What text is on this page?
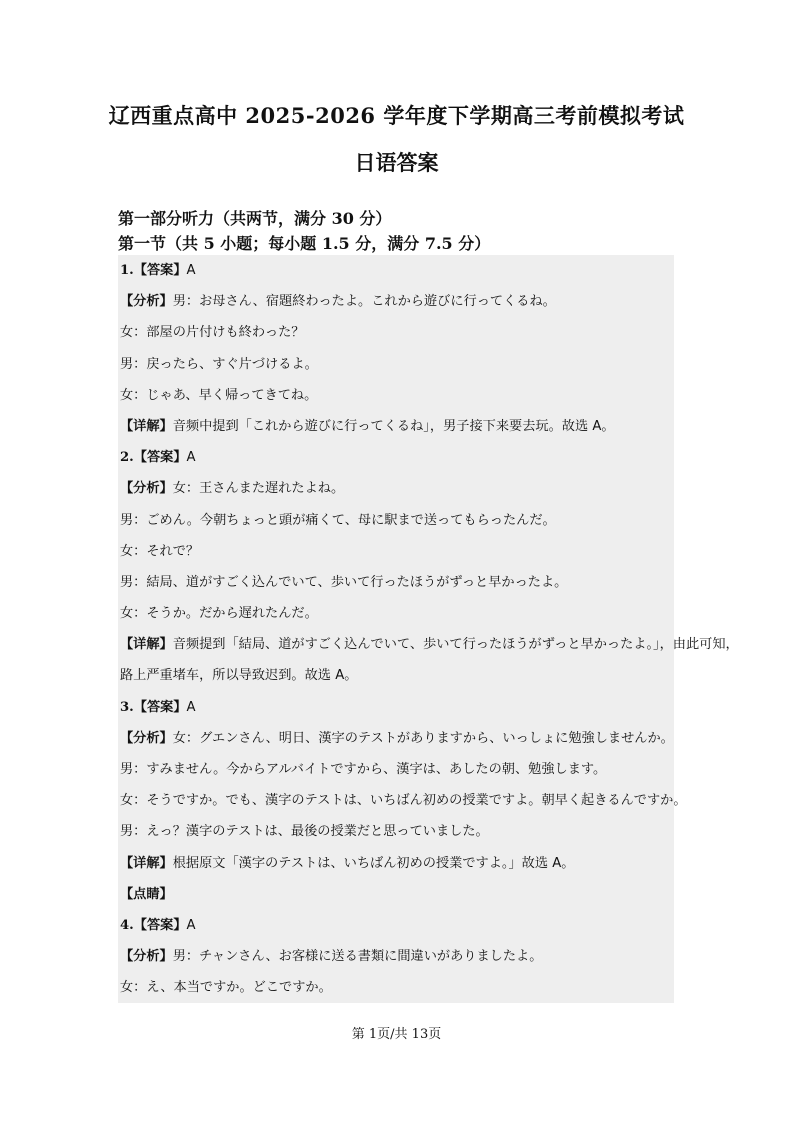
辽西重点高中 2025-2026 学年度下学期高三考前模拟考试
日语答案
第一部分听力（共两节，满分 30 分）
第一节（共 5 小题；每小题 1.5 分，满分 7.5 分）
1.【答案】A
【分析】男：お母さん、宿題終わったよ。これから遊びに行ってくるね。
女：部屋の片付けも終わった？
男：戻ったら、すぐ片づけるよ。
女：じゃあ、早く帰ってきてね。
【详解】音频中提到「これから遊びに行ってくるね」，男子接下来要去玩。故选 A。
2.【答案】A
【分析】女：王さんまた遅れたよね。
男：ごめん。今朝ちょっと頭が痛くて、母に駅まで送ってもらったんだ。
女：それで？
男：結局、道がすごく込んでいて、歩いて行ったほうがずっと早かったよ。
女：そうか。だから遅れたんだ。
【详解】音频提到「結局、道がすごく込んでいて、歩いて行ったほうがずっと早かったよ。」，由此可知，
路上严重堵车，所以导致迟到。故选 A。
3.【答案】A
【分析】女：グエンさん、明日、漢字のテストがありますから、いっしょに勉強しませんか。
男：すみません。今からアルバイトですから、漢字は、あしたの朝、勉強します。
女：そうですか。でも、漢字のテストは、いちばん初めの授業ですよ。朝早く起きるんですか。
男：えっ？漢字のテストは、最後の授業だと思っていました。
【详解】根据原文「漢字のテストは、いちばん初めの授業ですよ。」故选 A。
【点睛】
4.【答案】A
【分析】男：チャンさん、お客様に送る書類に間違いがありましたよ。
女：え、本当ですか。どこですか。
第 1页/共 13页
